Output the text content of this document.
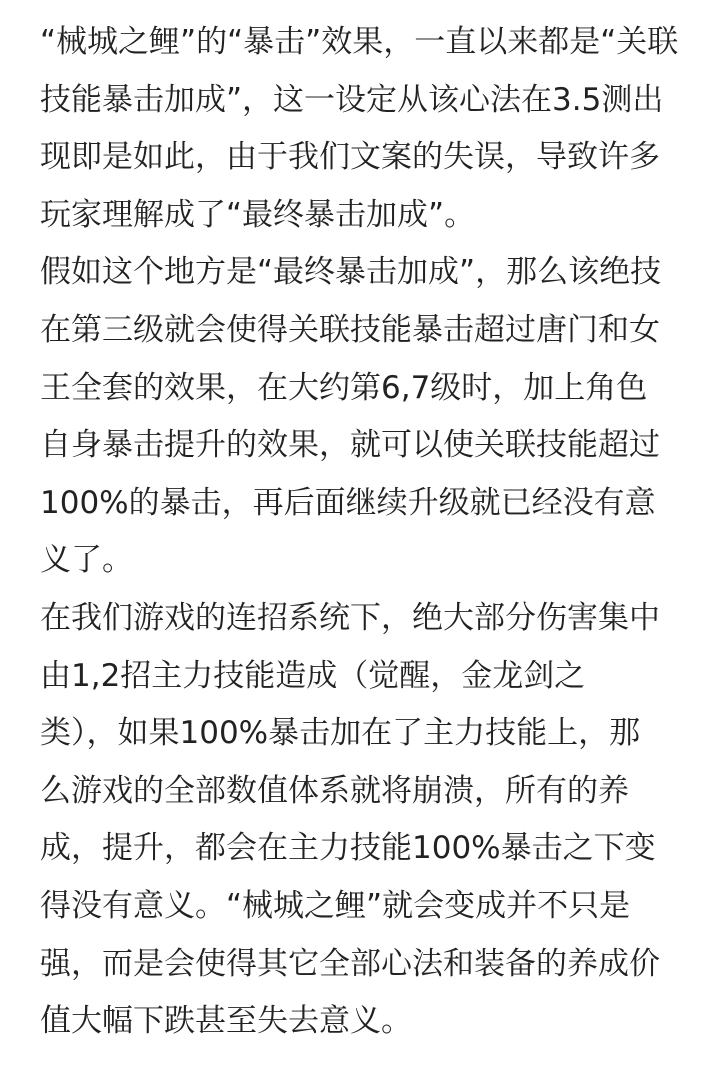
“械城之鲤”的“暴击”效果，一直以来都是“关联
技能暴击加成”，这一设定从该心法在3.5测出
现即是如此，由于我们文案的失误，导致许多
玩家理解成了“最终暴击加成”。
假如这个地方是“最终暴击加成”，那么该绝技
在第三级就会使得关联技能暴击超过唐门和女
王全套的效果，在大约第6,7级时，加上角色
自身暴击提升的效果，就可以使关联技能超过
100%的暴击，再后面继续升级就已经没有意
义了。
在我们游戏的连招系统下，绝大部分伤害集中
由1,2招主力技能造成（觉醒，金龙剑之
类），如果100%暴击加在了主力技能上，那
么游戏的全部数值体系就将崩溃，所有的养
成，提升，都会在主力技能100%暴击之下变
得没有意义。“械城之鲤”就会变成并不只是
强，而是会使得其它全部心法和装备的养成价
值大幅下跌甚至失去意义。
